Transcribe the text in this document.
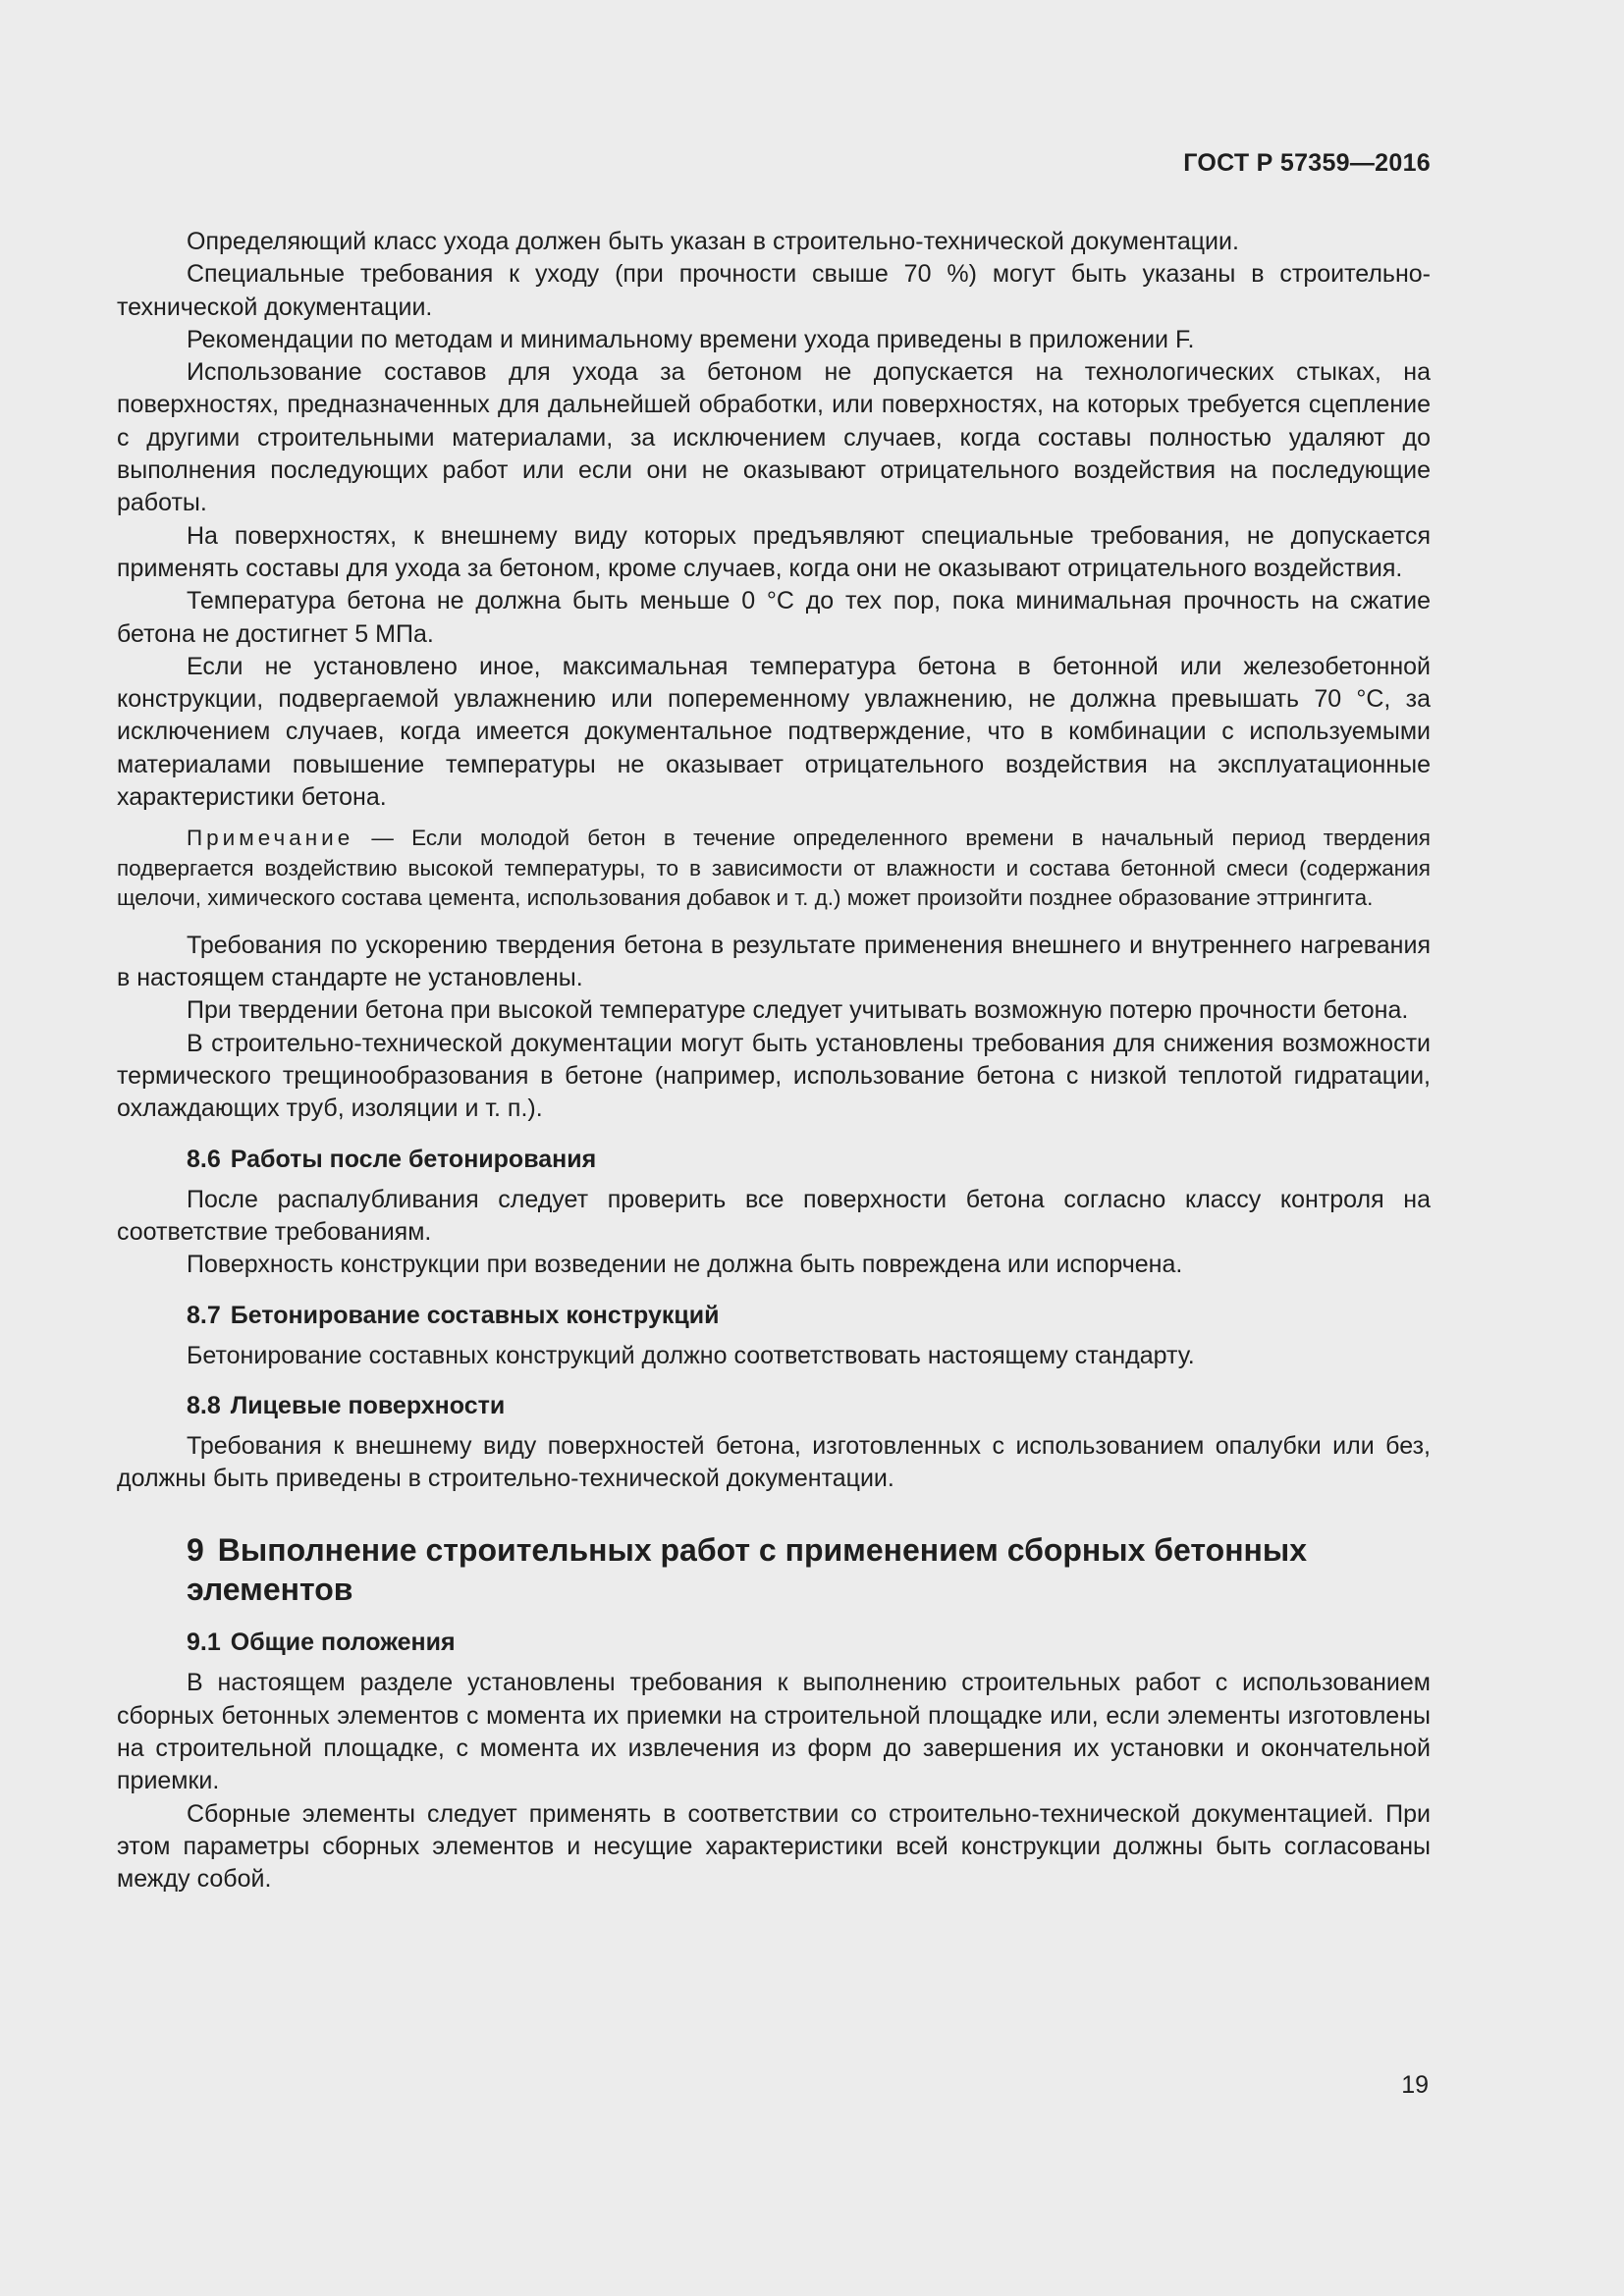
ГОСТ Р 57359—2016

Определяющий класс ухода должен быть указан в строительно-технической документации.

Специальные требования к уходу (при прочности свыше 70 %) могут быть указаны в строительно-технической документации.

Рекомендации по методам и минимальному времени ухода приведены в приложении F.

Использование составов для ухода за бетоном не допускается на технологических стыках, на поверхностях, предназначенных для дальнейшей обработки, или поверхностях, на которых требуется сцепление с другими строительными материалами, за исключением случаев, когда составы полностью удаляют до выполнения последующих работ или если они не оказывают отрицательного воздействия на последующие работы.

На поверхностях, к внешнему виду которых предъявляют специальные требования, не допускается применять составы для ухода за бетоном, кроме случаев, когда они не оказывают отрицательного воздействия.

Температура бетона не должна быть меньше 0 °C до тех пор, пока минимальная прочность на сжатие бетона не достигнет 5 МПа.

Если не установлено иное, максимальная температура бетона в бетонной или железобетонной конструкции, подвергаемой увлажнению или попеременному увлажнению, не должна превышать 70 °C, за исключением случаев, когда имеется документальное подтверждение, что в комбинации с используемыми материалами повышение температуры не оказывает отрицательного воздействия на эксплуатационные характеристики бетона.

Примечание — Если молодой бетон в течение определенного времени в начальный период твердения подвергается воздействию высокой температуры, то в зависимости от влажности и состава бетонной смеси (содержания щелочи, химического состава цемента, использования добавок и т. д.) может произойти позднее образование эттрингита.

Требования по ускорению твердения бетона в результате применения внешнего и внутреннего нагревания в настоящем стандарте не установлены.

При твердении бетона при высокой температуре следует учитывать возможную потерю прочности бетона.

В строительно-технической документации могут быть установлены требования для снижения возможности термического трещинообразования в бетоне (например, использование бетона с низкой теплотой гидратации, охлаждающих труб, изоляции и т. п.).

8.6 Работы после бетонирования

После распалубливания следует проверить все поверхности бетона согласно классу контроля на соответствие требованиям.

Поверхность конструкции при возведении не должна быть повреждена или испорчена.

8.7 Бетонирование составных конструкций

Бетонирование составных конструкций должно соответствовать настоящему стандарту.

8.8 Лицевые поверхности

Требования к внешнему виду поверхностей бетона, изготовленных с использованием опалубки или без, должны быть приведены в строительно-технической документации.

9 Выполнение строительных работ с применением сборных бетонных элементов
9.1 Общие положения

В настоящем разделе установлены требования к выполнению строительных работ с использованием сборных бетонных элементов с момента их приемки на строительной площадке или, если элементы изготовлены на строительной площадке, с момента их извлечения из форм до завершения их установки и окончательной приемки.

Сборные элементы следует применять в соответствии со строительно-технической документацией. При этом параметры сборных элементов и несущие характеристики всей конструкции должны быть согласованы между собой.

19
